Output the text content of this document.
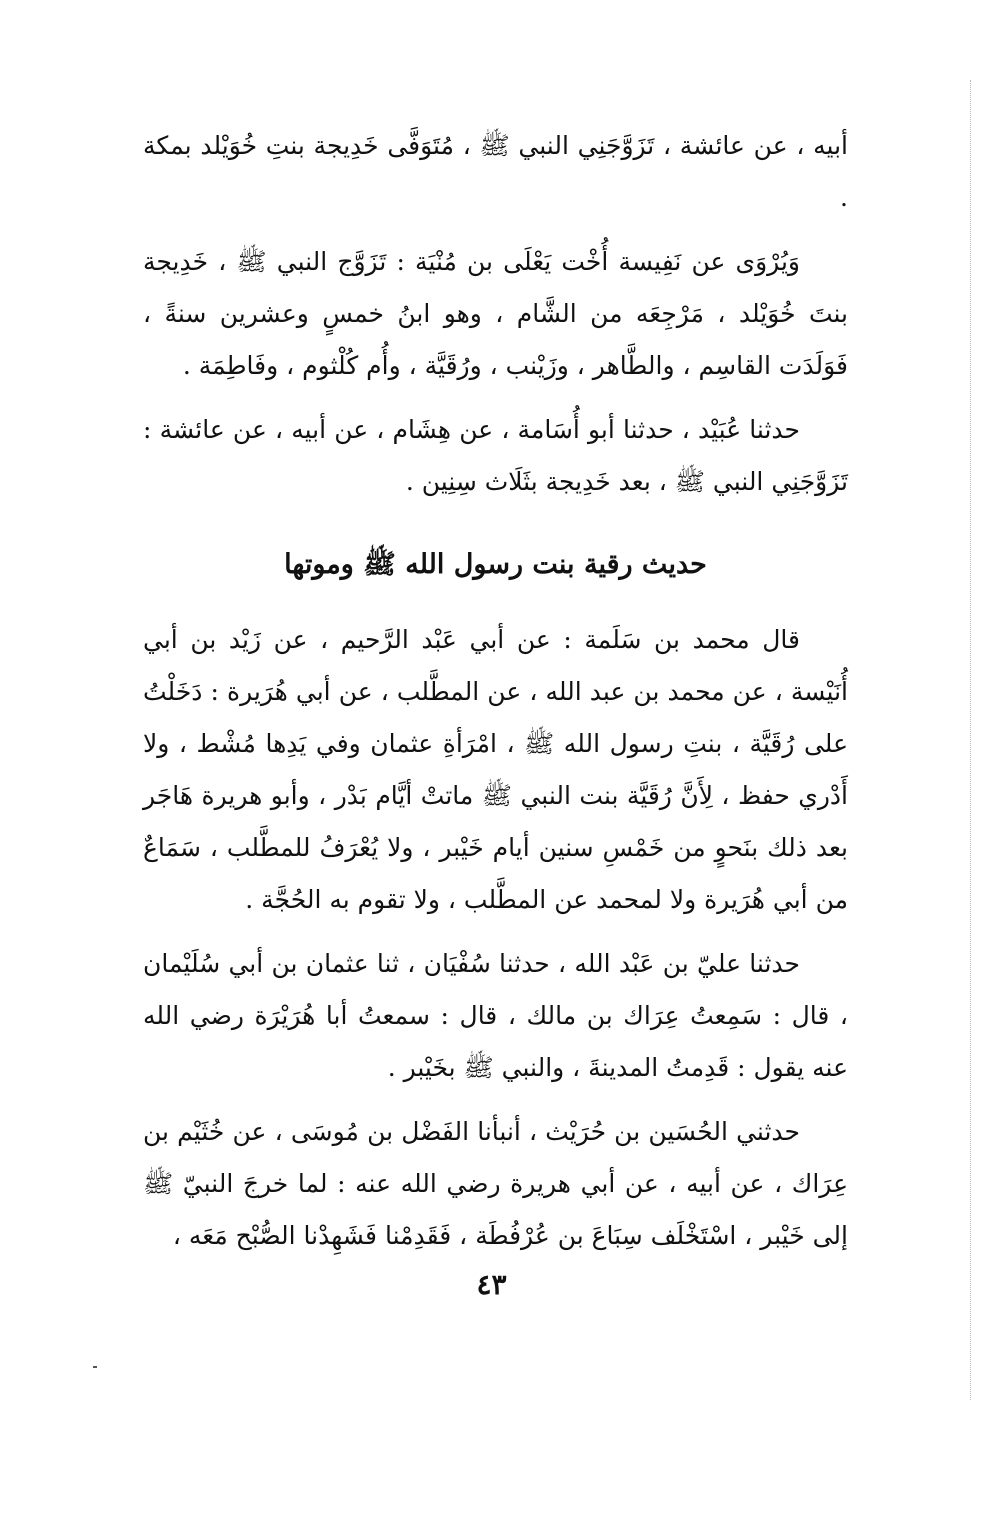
أبيه ، عن عائشة ، تَزَوَّجَنِي النبي ﷺ ، مُتَوَفَّى خَدِيجة بنتِ خُوَيْلد بمكة .

وَيُرْوَى عن نَفِيسة أُخْت يَعْلَى بن مُنْيَة : تَزَوَّج النبي ﷺ ، خَدِيجة بنتَ خُوَيْلد ، مَرْجِعَه من الشَّام ، وهو ابنُ خمسٍ وعشرين سنةً ، فَوَلَدَت القاسِم ، والطَّاهر ، وزَيْنب ، ورُقَيَّة ، وأُم كُلْثوم ، وفَاطِمَة .

حدثنا عُبَيْد ، حدثنا أبو أُسَامة ، عن هِشَام ، عن أبيه ، عن عائشة : تَزَوَّجَنِي النبي ﷺ ، بعد خَدِيجة بثَلَاث سِنِين .

حديث رقية بنت رسول الله ﷺ وموتها

قال محمد بن سَلَمة : عن أبي عَبْد الرَّحيم ، عن زَيْد بن أبي أُنَيْسة ، عن محمد بن عبد الله ، عن المطَّلب ، عن أبي هُرَيرة : دَخَلْتُ على رُقَيَّة ، بنتِ رسول الله ﷺ ، امْرَأةِ عثمان وفي يَدِها مُشْط ، ولا أَدْري حفظ ، لِأَنَّ رُقَيَّة بنت النبي ﷺ ماتتْ أيَّام بَدْر ، وأبو هريرة هَاجَر بعد ذلك بنَحوٍ من خَمْسِ سنين أيام خَيْبر ، ولا يُعْرَفُ للمطَّلب ، سَمَاعٌ من أبي هُرَيرة ولا لمحمد عن المطَّلب ، ولا تقوم به الحُجَّة .

حدثنا عليّ بن عَبْد الله ، حدثنا سُفْيَان ، ثنا عثمان بن أبي سُلَيْمان ، قال : سَمِعتُ عِرَاك بن مالك ، قال : سمعتُ أبا هُرَيْرَة رضي الله عنه يقول : قَدِمتُ المدينةَ ، والنبي ﷺ بخَيْبر .

حدثني الحُسَين بن حُرَيْث ، أنبأنا الفَضْل بن مُوسَى ، عن خُثَيْم بن عِرَاك ، عن أبيه ، عن أبي هريرة رضي الله عنه : لما خرجَ النبيّ ﷺ إلى خَيْبر ، اسْتَخْلَف سِبَاعَ بن عُرْفُطَة ، فَقَدِمْنا فَشَهِدْنا الصُّبْح مَعَه ،

٤٣
